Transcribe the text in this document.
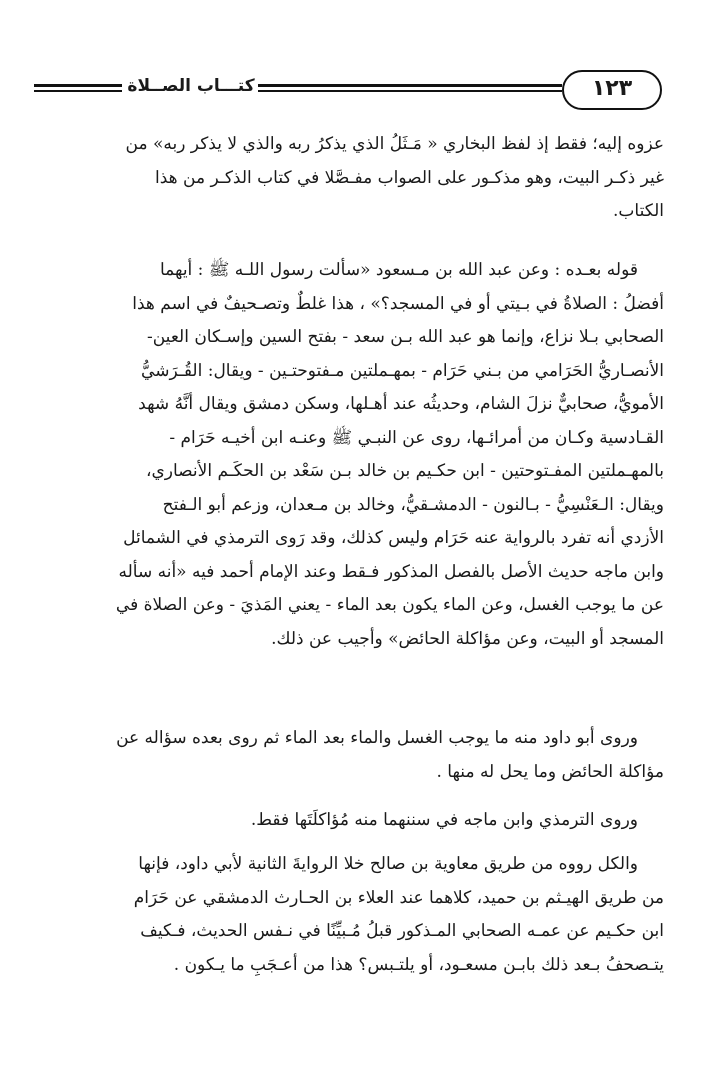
كتـــاب الصــلاة	١٢٣
عزوه إليه؛ فقط إذ لفظ البخاري « مَـثَلُ الذي يذكرُ ربه والذي لا يذكر ربه» من
غير ذكـر البيت، وهو مذكـور على الصواب مفـصَّلا في كتاب الذكـر من هذا
الكتاب.
قوله بعـده : وعن عبد الله بن مـسعود «سألت رسول اللـه ﷺ : أيهما
أفضلُ : الصلاةُ في بـيتي أو في المسجد؟» ، هذا غلطٌ وتصـحيفٌ في اسم هذا
الصحابي بـلا نزاع، وإنما هو عبد الله بـن سعد - بفتح السين وإسـكان العين-
الأنصـاريُّ الحَرَامي من بـني حَرَام - بمهـملتين مـفتوحتـين - ويقال: القُـرَشيُّ
الأمويُّ، صحابيٌّ نزلَ الشام، وحديثُه عند أهـلها، وسكن دمشق ويقال أنَّهُ شهد
القـادسية وكـان من أمرائـها، روى عن النبـي ﷺ وعنـه ابن أخيـه حَرَام -
بالمهـملتين المفـتوحتين - ابن حكـيم بن خالد بـن سَعْد بن الحكَـم الأنصاري،
ويقال: الـعَنْسِيُّ - بـالنون - الدمشـقيُّ، وخالد بن مـعدان، وزعم أبو الـفتح
الأزدي أنه تفرد بالرواية عنه حَرَام وليس كذلك، وقد رَوى الترمذي في الشمائل
وابن ماجه حديث الأصل بالفصل المذكور فـقط وعند الإمام أحمد فيه «أنه سأله
عن ما يوجب الغسل، وعن الماء يكون بعد الماء - يعني المَذيَ - وعن الصلاة في
المسجد أو البيت، وعن مؤاكلة الحائض» وأجيب عن ذلك.
وروى أبو داود منه ما يوجب الغسل والماء بعد الماء ثم روى بعده سؤاله عن
مؤاكلة الحائض وما يحل له منها .
وروى الترمذي وابن ماجه في سننهما منه مُؤاكلَتَها فقط.
والكل رووه من طريق معاوية بن صالح خلا الروايةَ الثانية لأبي داود، فإنها
من طريق الهيـثم بن حميد، كلاهما عند العلاء بن الحـارث الدمشقي عن حَرَام
ابن حكـيم عن عمـه الصحابي المـذكور قبلُ مُـبيِّنًا في نـفس الحديث، فـكيف
يتـصحفُ بـعد ذلك بابـن مسعـود، أو يلتـبس؟ هذا من أعـجَبِ ما يـكون .
